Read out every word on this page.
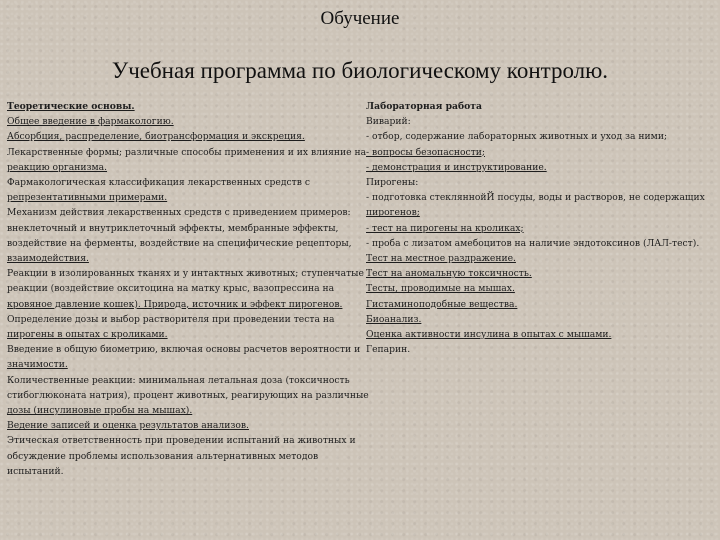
Обучение
Учебная программа по биологическому контролю.
Теоретические основы.
Общее введение в фармакологию.
Абсорбция, распределение, биотрансформация и экскреция.
Лекарственные формы; различные способы применения и их влияние на
реакцию организма.
Фармакологическая классификация лекарственных средств с
репрезентативными примерами.
Механизм действия лекарственных средств с приведением примеров:
внеклеточный и внутриклеточный эффекты, мембранные эффекты,
воздействие на ферменты, воздействие на специфические рецепторы,
взаимодействия.
Реакции в изолированных тканях и у интактных животных; ступенчатые
реакции (воздействие окситоцина на матку крыс, вазопрессина на
кровяное давление кошек). Природа, источник и эффект пирогенов.
Определение дозы и выбор растворителя при проведении теста на
пирогены в опытах с кроликами.
Введение в общую биометрию, включая основы расчетов вероятности и
значимости.
Количественные реакции: минимальная летальная доза (токсичность
стибоглюконата натрия), процент животных, реагирующих на различные
дозы (инсулиновые пробы на мышах).
Ведение записей и оценка результатов анализов.
Этическая ответственность при проведении испытаний на животных и
обсуждение проблемы использования альтернативных методов
испытаний.
Лабораторная работа
Виварий:
- отбор, содержание лабораторных животных и уход за ними;
- вопросы безопасности;
- демонстрация и инструктирование.
Пирогены:
- подготовка стекляннойЙ посуды, воды и растворов, не содержащих
пирогенов;
- тест на пирогены на кроликах;
- проба с лизатом амебоцитов на наличие эндотоксинов (ЛАЛ-тест).
Тест на местное раздражение.
Тест на аномальную токсичность.
Тесты, проводимые на мышах.
Гистаминоподобные вещества.
Биоанализ.
Оценка активности инсулина в опытах с мышами.
Гепарин.
